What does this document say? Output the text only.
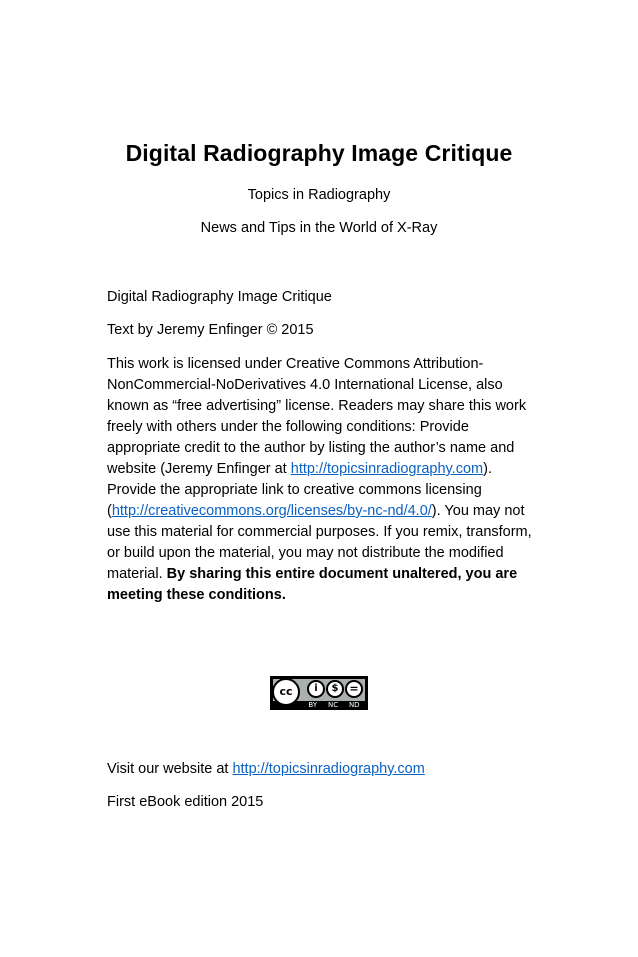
Digital Radiography Image Critique
Topics in Radiography
News and Tips in the World of X-Ray
Digital Radiography Image Critique
Text by Jeremy Enfinger © 2015
This work is licensed under Creative Commons Attribution-NonCommercial-NoDerivatives 4.0 International License, also known as “free advertising” license. Readers may share this work freely with others under the following conditions: Provide appropriate credit to the author by listing the author’s name and website (Jeremy Enfinger at http://topicsinradiography.com). Provide the appropriate link to creative commons licensing (http://creativecommons.org/licenses/by-nc-nd/4.0/). You may not use this material for commercial purposes. If you remix, transform, or build upon the material, you may not distribute the modified material. By sharing this entire document unaltered, you are meeting these conditions.
cc	i	$ =
BY NC ND
Visit our website at http://topicsinradiography.com
First eBook edition 2015
